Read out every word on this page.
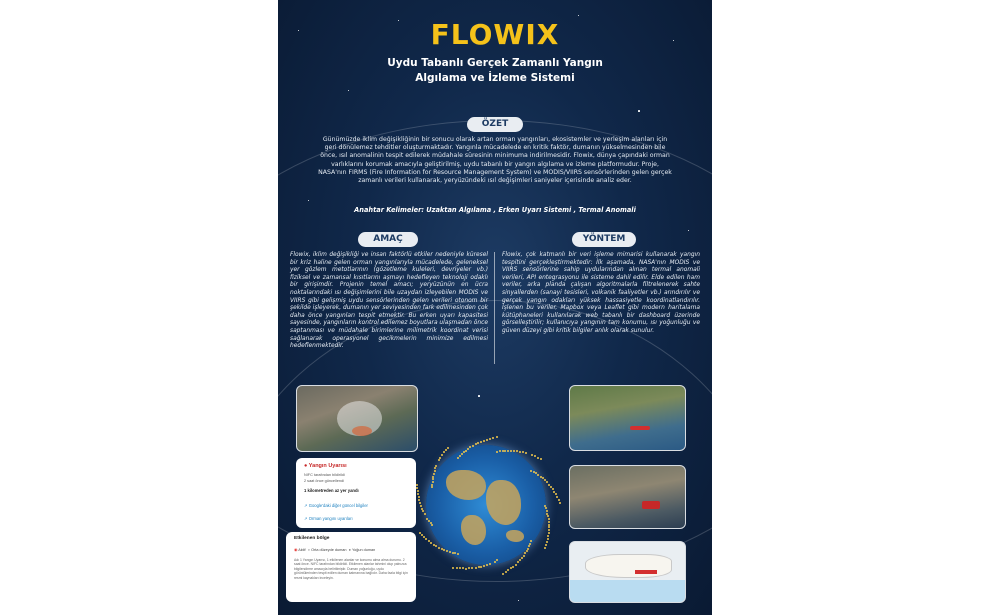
FLOWIX
Uydu Tabanlı Gerçek Zamanlı Yangın
Algılama ve İzleme Sistemi
ÖZET
Günümüzde iklim değişikliğinin bir sonucu olarak artan orman yangınları, ekosistemler ve yerleşim alanları için geri dönülemez tehditler oluşturmaktadır. Yangınla mücadelede en kritik faktör, dumanın yükselmesinden bile önce, ısıl anomalinin tespit edilerek müdahale süresinin minimuma indirilmesidir. Flowix, dünya çapındaki orman varlıklarını korumak amacıyla geliştirilmiş, uydu tabanlı bir yangın algılama ve izleme platformudur. Proje, NASA'nın FIRMS (Fire Information for Resource Management System) ve MODIS/VIIRS sensörlerinden gelen gerçek zamanlı verileri kullanarak, yeryüzündeki ısıl değişimleri saniyeler içerisinde analiz eder.
Anahtar Kelimeler: Uzaktan Algılama , Erken Uyarı Sistemi , Termal Anomali
AMAÇ	YÖNTEM
Flowix, iklim değişikliği ve insan faktörlü etkiler nedeniyle küresel bir kriz haline gelen orman yangınlarıyla mücadelede, geleneksel yer gözlem metotlarının (gözetleme kuleleri, devriyeler vb.) fiziksel ve zamansal kısıtlarını aşmayı hedefleyen teknoloji odaklı bir girişimdir. Projenin temel amacı; yeryüzünün en ücra noktalarındaki ısı değişimlerini bile uzaydan izleyebilen MODIS ve VIIRS gibi gelişmiş uydu sensörlerinden gelen verileri otonom bir şekilde işleyerek, dumanın yer seviyesinden fark edilmesinden çok daha önce yangınları tespit etmektir. Bu erken uyarı kapasitesi sayesinde, yangınların kontrol edilemez boyutlara ulaşmadan önce saptanması ve müdahale birimlerine milimetrik koordinat verisi sağlanarak operasyonel gecikmelerin minimize edilmesi hedeflenmektedir.
Flowix, çok katmanlı bir veri işleme mimarisi kullanarak yangın tespitini gerçekleştirmektedir: İlk aşamada, NASA'nın MODIS ve VIIRS sensörlerine sahip uydularından alınan termal anomali verileri, API entegrasyonu ile sisteme dahil edilir. Elde edilen ham veriler, arka planda çalışan algoritmalarla filtrelenerek sahte sinyallerden (sanayi tesisleri, volkanik faaliyetler vb.) arındırılır ve gerçek yangın odakları yüksek hassasiyetle koordinatlandırılır. İşlenen bu veriler, Mapbox veya Leaflet gibi modern haritalama kütüphaneleri kullanılarak web tabanlı bir dashboard üzerinde görselleştirilir; kullanıcıya yangının tam konumu, ısı yoğunluğu ve güven düzeyi gibi kritik bilgiler anlık olarak sunulur.
● Yangın Uyarısı
NIFC tarafından bildirildi
2 saat önce güncellendi
1 kilometreden az yer yandı
↗ Google'daki diğer güncel bilgiler
↗ Orman yangını uyarıları
Etkilenen bölge
◉ Aktif ● Orta düzeyde duman ● Yoğun duman
Adı 1 Yangın Uyarısı, 1 etkilenen alanlar ve konumu alma alma durumu. 2 saat önce. NIFC tarafından bildirildi. Etkilenen alanlar tahmini olup yalnızca bilgilendirme amacıyla belirtilmiştir. Duman yoğunluğu, uydu görüntülerinden tespit edilen duman katmanına bağlıdır. Daha fazla bilgi için resmi kaynakları inceleyin.
